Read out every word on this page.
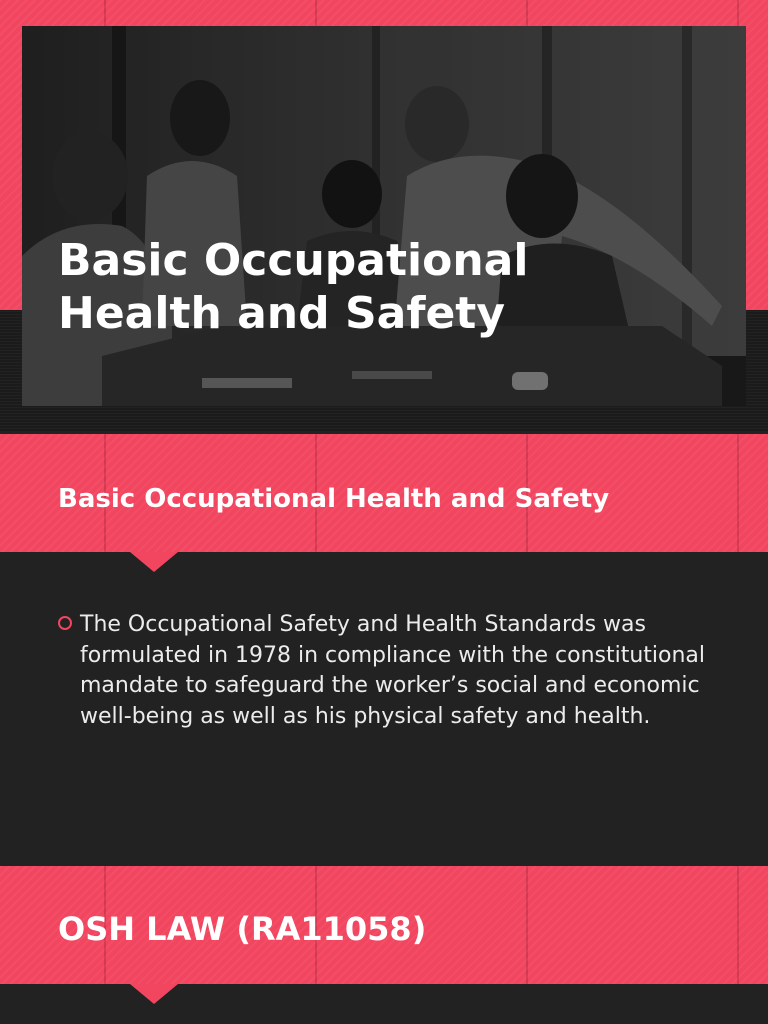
Basic Occupational Health and Safety
Basic Occupational Health and Safety

The Occupational Safety and Health Standards was formulated in 1978 in compliance with the constitutional mandate to safeguard the worker’s social and economic well-being as well as his physical safety and health.

OSH LAW (RA11058)
